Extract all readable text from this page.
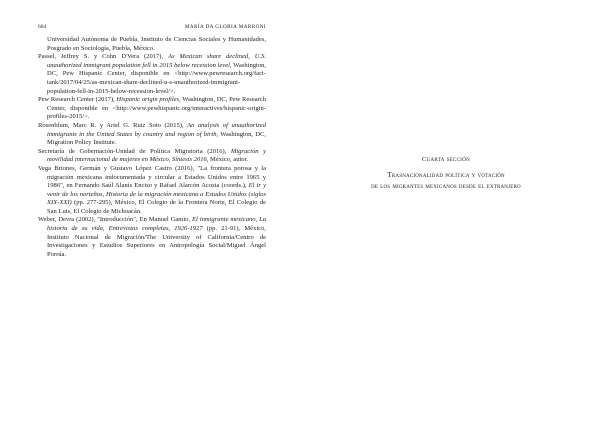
684	MARÍA DA GLORIA MARRONI

Universidad Autónoma de Puebla, Instituto de Ciencias Sociales y Humanidades, Posgrado en Sociología, Puebla, México.

Passel, Jeffrey S. y Cohn D'Vera (2017), As Mexican share declined, U.S. unauthorized immigrant population fell in 2015 below recession level, Washington, DC, Pew Hispanic Center, disponible en <http://www.pewresearch.org/fact-tank/2017/04/25/as-mexican-share-declined-u-s-unauthorized-immigrant-population-fell-in-2015-below-recession-level/>.

Pew Research Center (2017), Hispanic origin profiles, Washington, DC, Pew Research Center, disponible en <http://www.pewhispanic.org/interactives/hispanic-origin-profiles-2015/>.

Rosenblum, Marc R. y Ariel G. Ruiz Soto (2015), An analysis of unauthorized immigrants in the United States by country and region of birth, Washington, DC, Migration Policy Institute.

Secretaría de Gobernación-Unidad de Política Migratoria (2016), Migración y movilidad internacional de mujeres en México, Síntesis 2016, México, autor.

Vega Briones, Germán y Gustavo López Castro (2016), "La frontera porosa y la migración mexicana indocumentada y circular a Estados Unidos entre 1965 y 1986", en Fernando Saúl Alanís Enciso y Rafael Alarcón Acosta (coords.), El ir y venir de los norteños, Historia de la migración mexicana a Estados Unidos (siglos XIX-XXI) (pp. 277-295), México, El Colegio de la Frontera Norte, El Colegio de San Luis, El Colegio de Michoacán.

Weber, Devra (2002), "Introducción", En Manuel Gamio, El inmigrante mexicano, La historia de su vida, Entrevistas completas, 1926-1927 (pp. 21-91), México, Instituto Nacional de Migración/The University of California/Centro de Investigaciones y Estudios Superiores en Antropología Social/Miguel Ángel Porrúa.

Cuarta sección
Trasnacionalidad política y votación
de los migrantes mexicanos desde el extranjero
